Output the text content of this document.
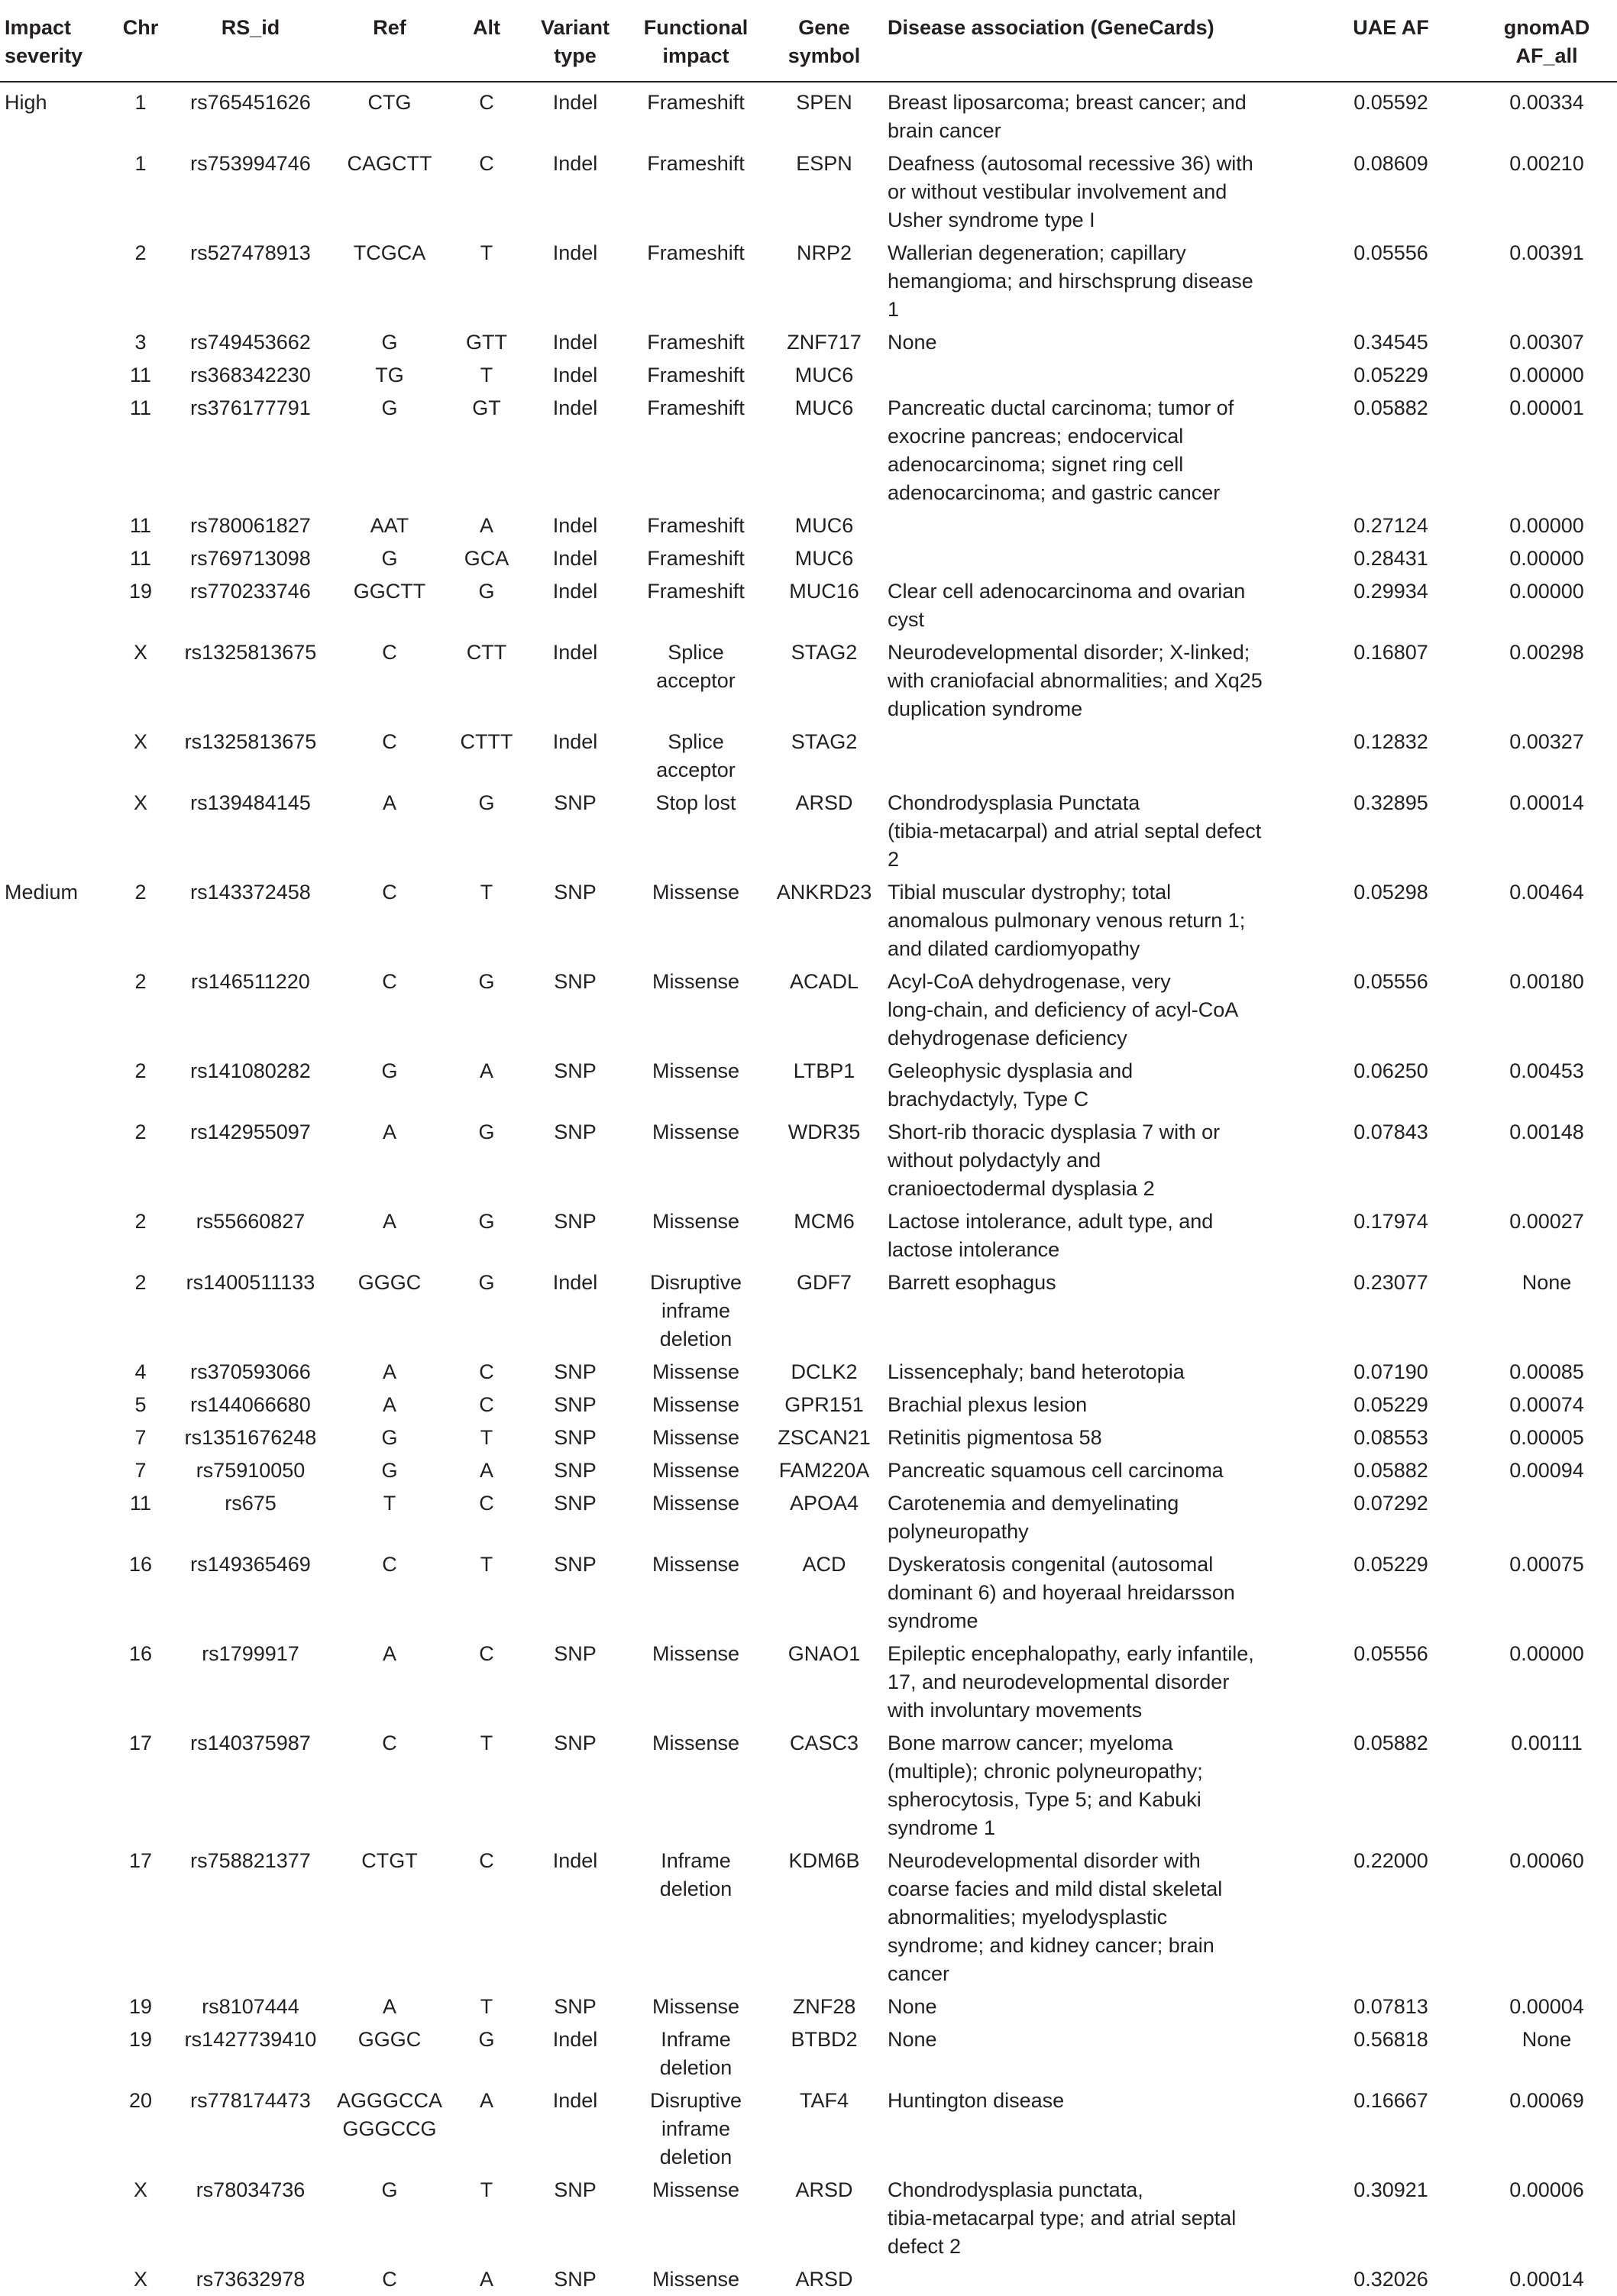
Impact
severity	Chr	RS_id	Ref	Alt	Variant
type	Functional
impact	Gene
symbol	Disease association (GeneCards)	UAE AF	gnomAD
AF_all
High	1	rs765451626	CTG	C	Indel	Frameshift	SPEN	Breast liposarcoma; breast cancer; and
brain cancer	0.05592	0.00334
	1	rs753994746	CAGCTT	C	Indel	Frameshift	ESPN	Deafness (autosomal recessive 36) with
or without vestibular involvement and
Usher syndrome type I	0.08609	0.00210
	2	rs527478913	TCGCA	T	Indel	Frameshift	NRP2	Wallerian degeneration; capillary
hemangioma; and hirschsprung disease
1	0.05556	0.00391
	3	rs749453662	G	GTT	Indel	Frameshift	ZNF717	None	0.34545	0.00307
	11	rs368342230	TG	T	Indel	Frameshift	MUC6		0.05229	0.00000
	11	rs376177791	G	GT	Indel	Frameshift	MUC6	Pancreatic ductal carcinoma; tumor of
exocrine pancreas; endocervical
adenocarcinoma; signet ring cell
adenocarcinoma; and gastric cancer	0.05882	0.00001
	11	rs780061827	AAT	A	Indel	Frameshift	MUC6		0.27124	0.00000
	11	rs769713098	G	GCA	Indel	Frameshift	MUC6		0.28431	0.00000
	19	rs770233746	GGCTT	G	Indel	Frameshift	MUC16	Clear cell adenocarcinoma and ovarian
cyst	0.29934	0.00000
	X	rs1325813675	C	CTT	Indel	Splice
acceptor	STAG2	Neurodevelopmental disorder; X-linked;
with craniofacial abnormalities; and Xq25
duplication syndrome	0.16807	0.00298
	X	rs1325813675	C	CTTT	Indel	Splice
acceptor	STAG2		0.12832	0.00327
	X	rs139484145	A	G	SNP	Stop lost	ARSD	Chondrodysplasia Punctata
(tibia-metacarpal) and atrial septal defect
2	0.32895	0.00014
Medium	2	rs143372458	C	T	SNP	Missense	ANKRD23	Tibial muscular dystrophy; total
anomalous pulmonary venous return 1;
and dilated cardiomyopathy	0.05298	0.00464
	2	rs146511220	C	G	SNP	Missense	ACADL	Acyl-CoA dehydrogenase, very
long-chain, and deficiency of acyl-CoA
dehydrogenase deficiency	0.05556	0.00180
	2	rs141080282	G	A	SNP	Missense	LTBP1	Geleophysic dysplasia and
brachydactyly, Type C	0.06250	0.00453
	2	rs142955097	A	G	SNP	Missense	WDR35	Short-rib thoracic dysplasia 7 with or
without polydactyly and
cranioectodermal dysplasia 2	0.07843	0.00148
	2	rs55660827	A	G	SNP	Missense	MCM6	Lactose intolerance, adult type, and
lactose intolerance	0.17974	0.00027
	2	rs1400511133	GGGC	G	Indel	Disruptive
inframe
deletion	GDF7	Barrett esophagus	0.23077	None
	4	rs370593066	A	C	SNP	Missense	DCLK2	Lissencephaly; band heterotopia	0.07190	0.00085
	5	rs144066680	A	C	SNP	Missense	GPR151	Brachial plexus lesion	0.05229	0.00074
	7	rs1351676248	G	T	SNP	Missense	ZSCAN21	Retinitis pigmentosa 58	0.08553	0.00005
	7	rs75910050	G	A	SNP	Missense	FAM220A	Pancreatic squamous cell carcinoma	0.05882	0.00094
	11	rs675	T	C	SNP	Missense	APOA4	Carotenemia and demyelinating
polyneuropathy	0.07292	
	16	rs149365469	C	T	SNP	Missense	ACD	Dyskeratosis congenital (autosomal
dominant 6) and hoyeraal hreidarsson
syndrome	0.05229	0.00075
	16	rs1799917	A	C	SNP	Missense	GNAO1	Epileptic encephalopathy, early infantile,
17, and neurodevelopmental disorder
with involuntary movements	0.05556	0.00000
	17	rs140375987	C	T	SNP	Missense	CASC3	Bone marrow cancer; myeloma
(multiple); chronic polyneuropathy;
spherocytosis, Type 5; and Kabuki
syndrome 1	0.05882	0.00111
	17	rs758821377	CTGT	C	Indel	Inframe
deletion	KDM6B	Neurodevelopmental disorder with
coarse facies and mild distal skeletal
abnormalities; myelodysplastic
syndrome; and kidney cancer; brain
cancer	0.22000	0.00060
	19	rs8107444	A	T	SNP	Missense	ZNF28	None	0.07813	0.00004
	19	rs1427739410	GGGC	G	Indel	Inframe
deletion	BTBD2	None	0.56818	None
	20	rs778174473	AGGGCCA
GGGCCG	A	Indel	Disruptive
inframe
deletion	TAF4	Huntington disease	0.16667	0.00069
	X	rs78034736	G	T	SNP	Missense	ARSD	Chondrodysplasia punctata,
tibia-metacarpal type; and atrial septal
defect 2	0.30921	0.00006
	X	rs73632978	C	A	SNP	Missense	ARSD		0.32026	0.00014
